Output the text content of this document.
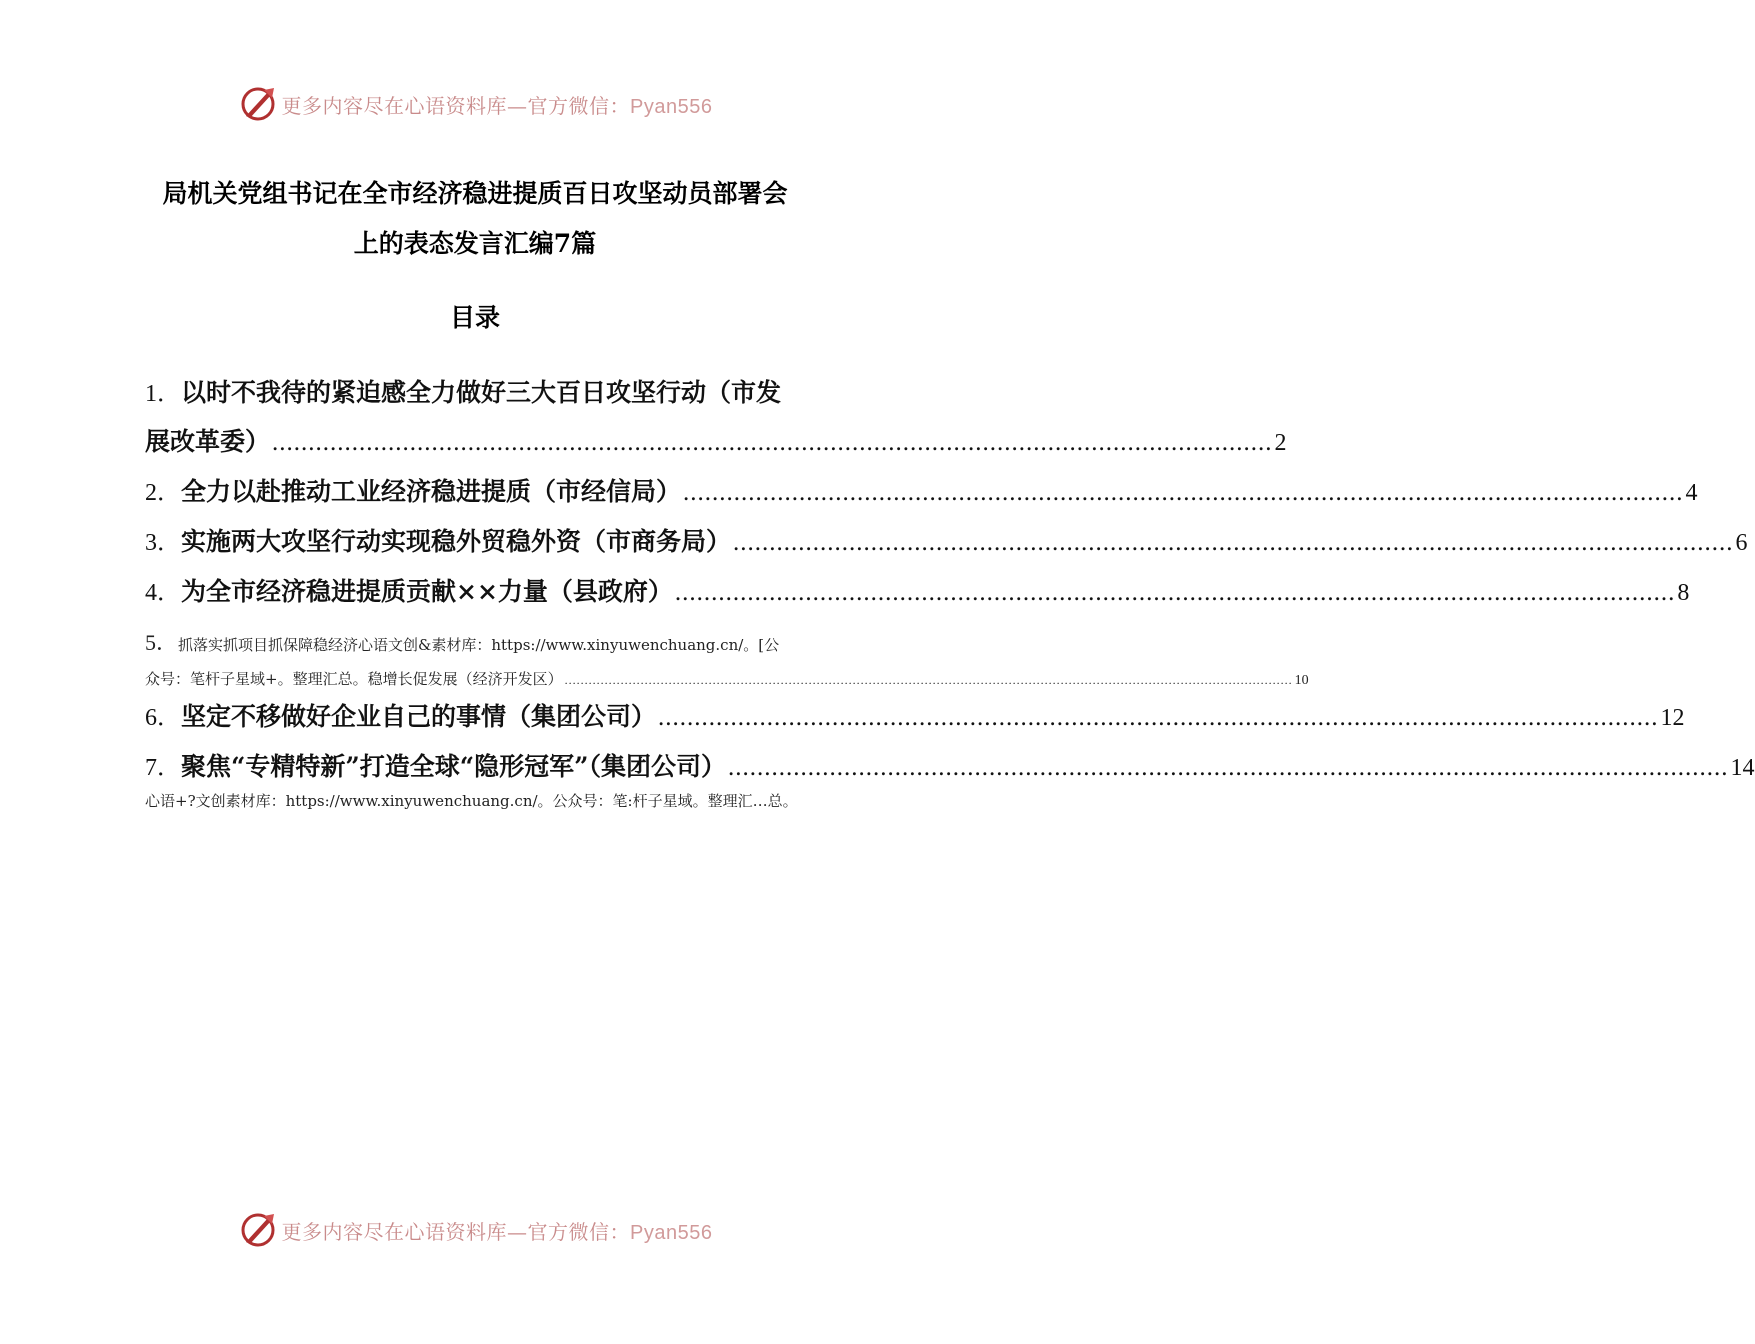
更多内容尽在心语资料库—官方微信：Pyan556
局机关党组书记在全市经济稳进提质百日攻坚动员部署会
上的表态发言汇编7篇
目录
1．以时不我待的紧迫感全力做好三大百日攻坚行动（市发
展改革委） .......................................................................................................................................... 2
2．全力以赴推动工业经济稳进提质（市经信局） .......................................................................................................................................... 4
3．实施两大攻坚行动实现稳外贸稳外资（市商务局） .......................................................................................................................................... 6
4．为全市经济稳进提质贡献××力量（县政府） .......................................................................................................................................... 8
5．抓落实抓项目抓保障稳经济心语文创&素材库：https://www.xinyuwenchuang.cn/。[公
众号：笔杆子星域+。整理汇总。稳增长促发展（经济开发区） ...................................................................................................................................................................................... 10
6．坚定不移做好企业自己的事情（集团公司） .......................................................................................................................................... 12
7．聚焦“专精特新”打造全球“隐形冠军”（集团公司） .......................................................................................................................................... 14
心语+?文创素材库：https://www.xinyuwenchuang.cn/。公众号：笔:杆子星域。整理汇…总。
更多内容尽在心语资料库—官方微信：Pyan556
